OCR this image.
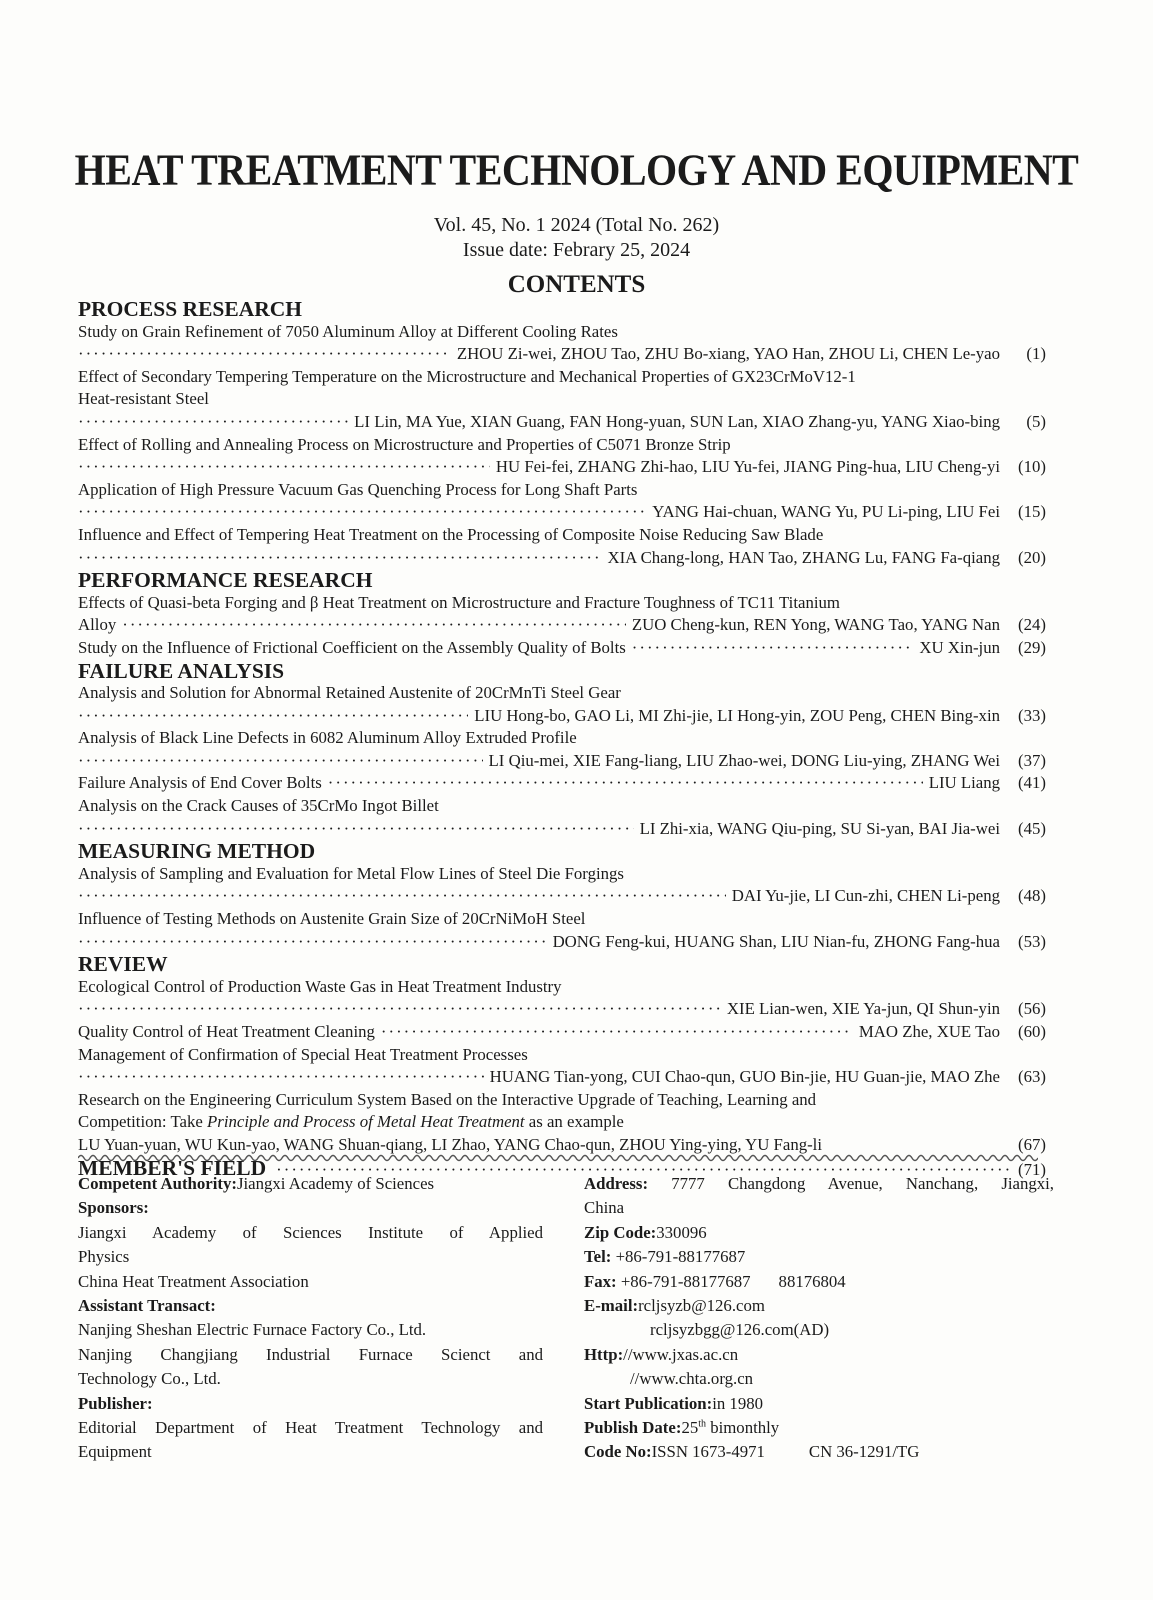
HEAT TREATMENT TECHNOLOGY AND EQUIPMENT
Vol. 45, No. 1 2024 (Total No. 262)
Issue date: Febrary 25, 2024
CONTENTS
PROCESS RESEARCH
Study on Grain Refinement of 7050 Aluminum Alloy at Different Cooling Rates
·····
ZHOU Zi-wei, ZHOU Tao, ZHU Bo-xiang, YAO Han, ZHOU Li, CHEN Le-yao	(1)
Effect of Secondary Tempering Temperature on the Microstructure and Mechanical Properties of GX23CrMoV12-1
Heat-resistant Steel
·····
LI Lin, MA Yue, XIAN Guang, FAN Hong-yuan, SUN Lan, XIAO Zhang-yu, YANG Xiao-bing	(5)
Effect of Rolling and Annealing Process on Microstructure and Properties of C5071 Bronze Strip
·····
HU Fei-fei, ZHANG Zhi-hao, LIU Yu-fei, JIANG Ping-hua, LIU Cheng-yi	(10)
Application of High Pressure Vacuum Gas Quenching Process for Long Shaft Parts
·····
YANG Hai-chuan, WANG Yu, PU Li-ping, LIU Fei	(15)
Influence and Effect of Tempering Heat Treatment on the Processing of Composite Noise Reducing Saw Blade
·····
XIA Chang-long, HAN Tao, ZHANG Lu, FANG Fa-qiang	(20)
PERFORMANCE RESEARCH
Effects of Quasi-beta Forging and β Heat Treatment on Microstructure and Fracture Toughness of TC11 Titanium
Alloy ·····	ZUO Cheng-kun, REN Yong, WANG Tao, YANG Nan	(24)
Study on the Influence of Frictional Coefficient on the Assembly Quality of Bolts ·····	XU Xin-jun	(29)
FAILURE ANALYSIS
Analysis and Solution for Abnormal Retained Austenite of 20CrMnTi Steel Gear
·····
LIU Hong-bo, GAO Li, MI Zhi-jie, LI Hong-yin, ZOU Peng, CHEN Bing-xin	(33)
Analysis of Black Line Defects in 6082 Aluminum Alloy Extruded Profile
·····
LI Qiu-mei, XIE Fang-liang, LIU Zhao-wei, DONG Liu-ying, ZHANG Wei	(37)
Failure Analysis of End Cover Bolts ·····	LIU Liang	(41)
Analysis on the Crack Causes of 35CrMo Ingot Billet
·····
LI Zhi-xia, WANG Qiu-ping, SU Si-yan, BAI Jia-wei	(45)
MEASURING METHOD
Analysis of Sampling and Evaluation for Metal Flow Lines of Steel Die Forgings
·····
DAI Yu-jie, LI Cun-zhi, CHEN Li-peng	(48)
Influence of Testing Methods on Austenite Grain Size of 20CrNiMoH Steel
·····
DONG Feng-kui, HUANG Shan, LIU Nian-fu, ZHONG Fang-hua	(53)
REVIEW
Ecological Control of Production Waste Gas in Heat Treatment Industry
·····
XIE Lian-wen, XIE Ya-jun, QI Shun-yin	(56)
Quality Control of Heat Treatment Cleaning ·····	MAO Zhe, XUE Tao	(60)
Management of Confirmation of Special Heat Treatment Processes
·····
HUANG Tian-yong, CUI Chao-qun, GUO Bin-jie, HU Guan-jie, MAO Zhe	(63)
Research on the Engineering Curriculum System Based on the Interactive Upgrade of Teaching, Learning and
Competition: Take Principle and Process of Metal Heat Treatment as an example
LU Yuan-yuan, WU Kun-yao, WANG Shuan-qiang, LI Zhao, YANG Chao-qun, ZHOU Ying-ying, YU Fang-li	(67)
MEMBER'S FIELD ·····	(71)
Competent Authority:Jiangxi Academy of Sciences
Sponsors:
Jiangxi Academy of Sciences Institute of Applied
Physics
China Heat Treatment Association
Assistant Transact:
Nanjing Sheshan Electric Furnace Factory Co., Ltd.
Nanjing Changjiang Industrial Furnace Scienct and
Technology Co., Ltd.
Publisher:
Editorial Department of Heat Treatment Technology and
Equipment
Address: 7777 Changdong Avenue, Nanchang, Jiangxi,
China
Zip Code:330096
Tel: +86-791-88177687
Fax: +86-791-88177687 88176804
E-mail:rcljsyzb@126.com
rcljsyzbgg@126.com(AD)
Http://www.jxas.ac.cn
//www.chta.org.cn
Start Publication:in 1980
Publish Date:25th bimonthly
Code No:ISSN 1673-4971	CN 36-1291/TG
